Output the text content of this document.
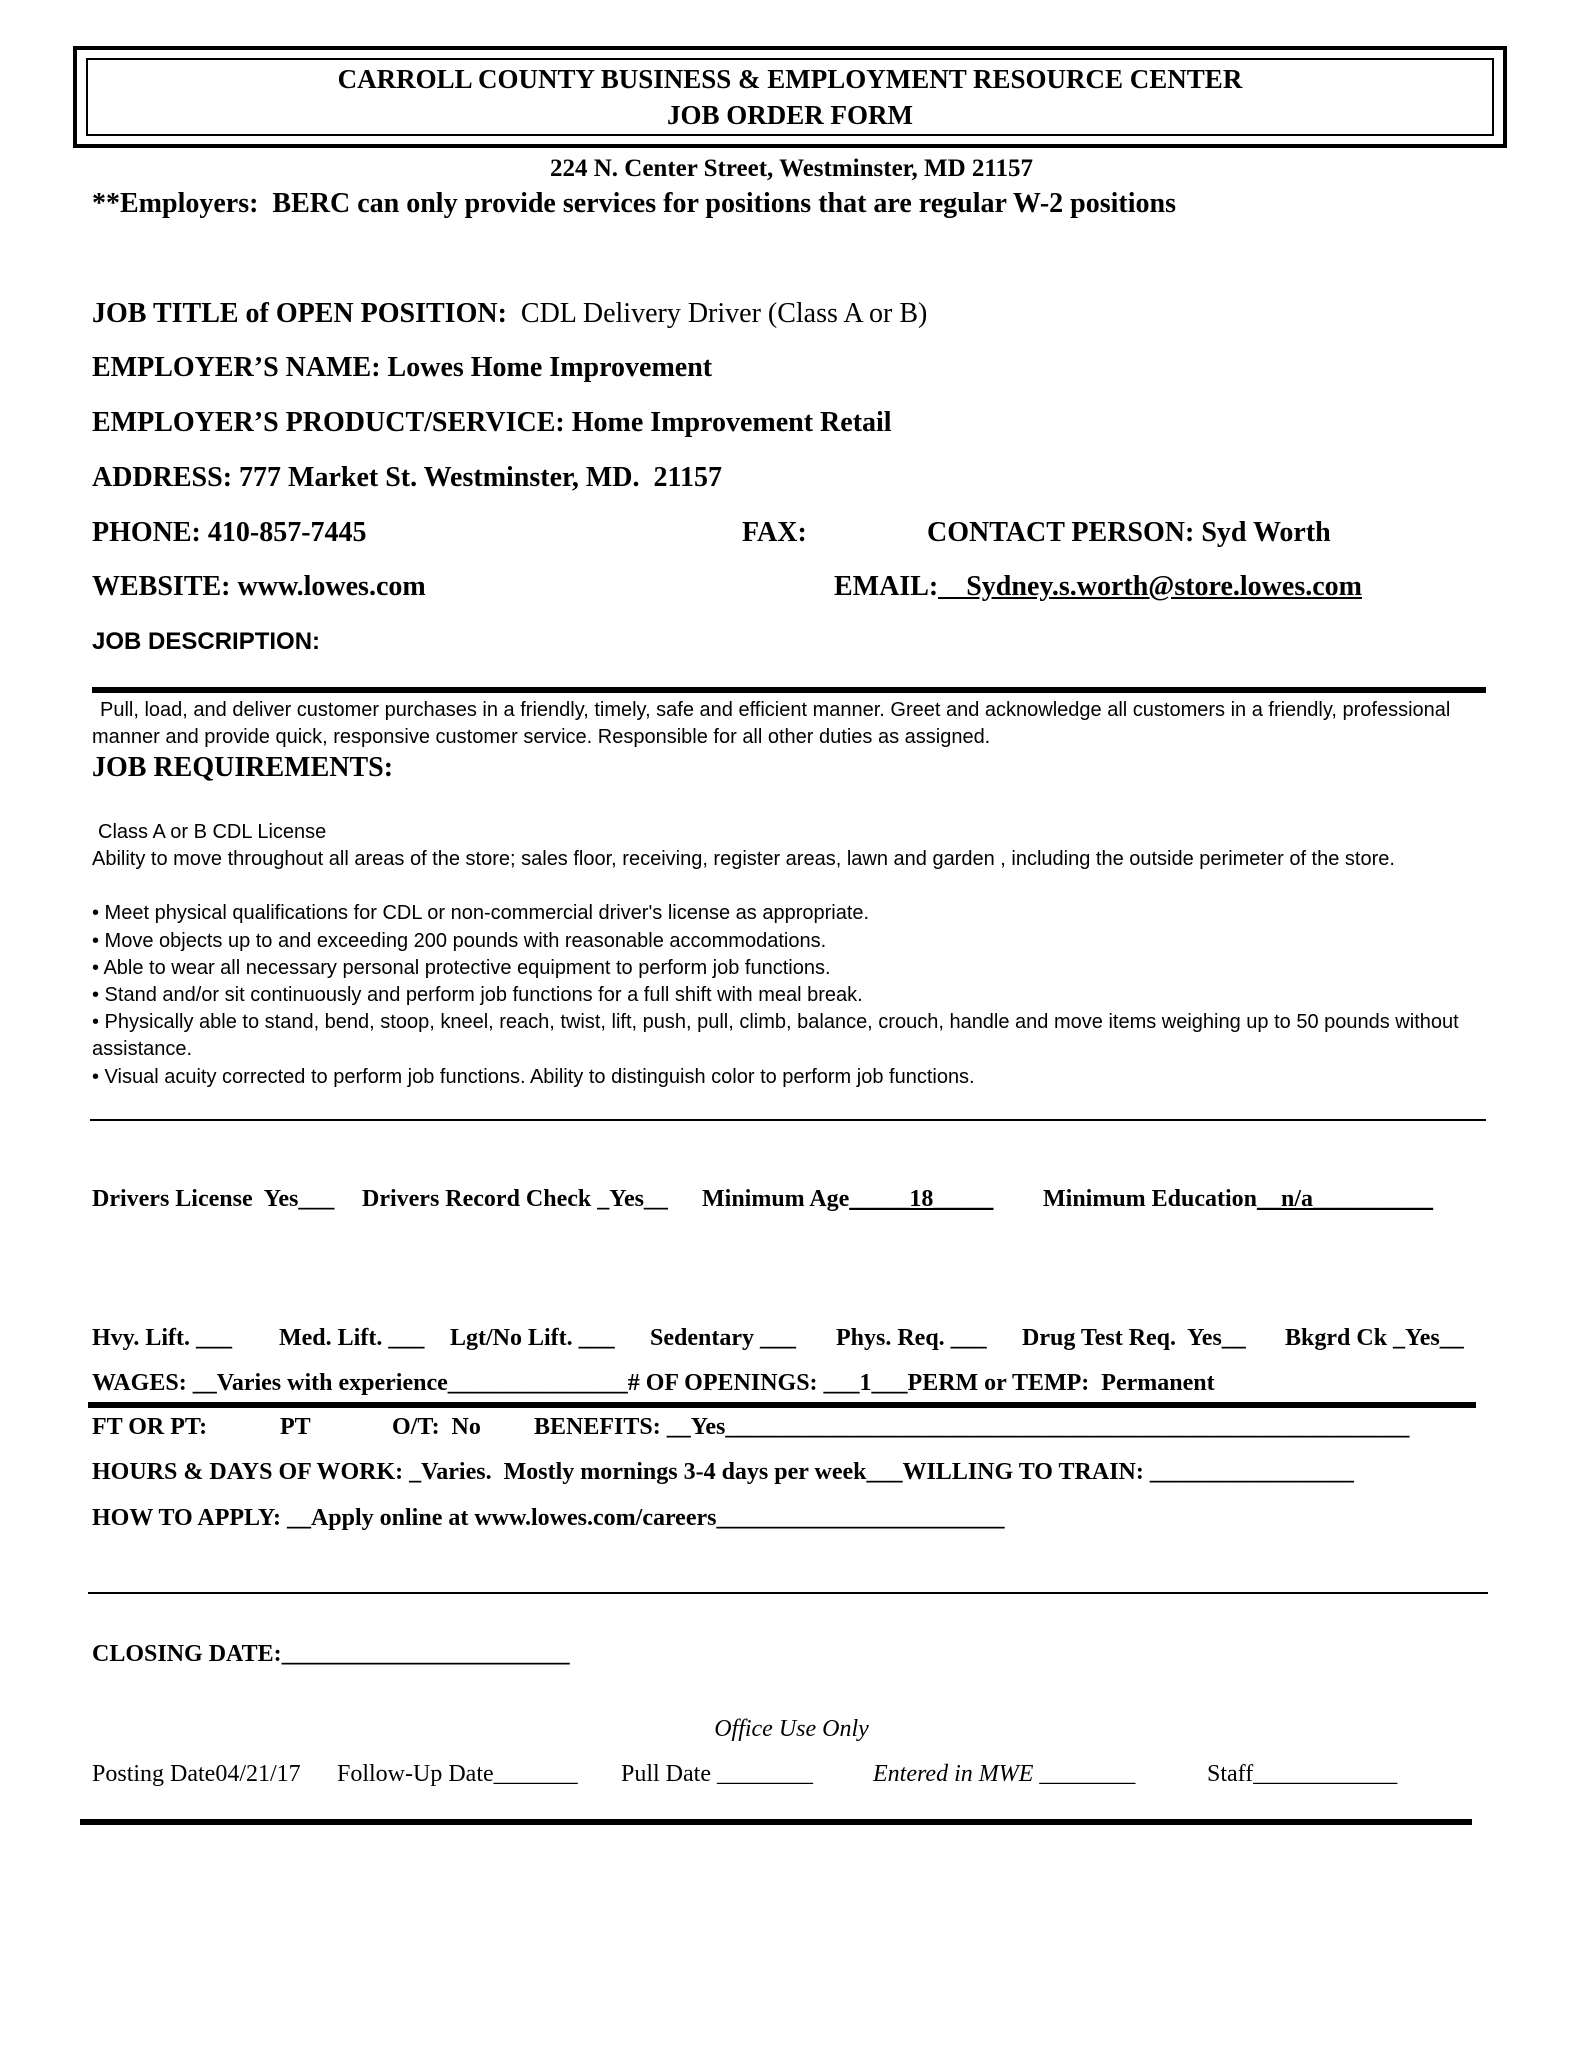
CARROLL COUNTY BUSINESS & EMPLOYMENT RESOURCE CENTER
JOB ORDER FORM
224 N. Center Street, Westminster, MD 21157
**Employers:  BERC can only provide services for positions that are regular W-2 positions
JOB TITLE of OPEN POSITION: CDL Delivery Driver (Class A or B)
EMPLOYER’S NAME: Lowes Home Improvement
EMPLOYER’S PRODUCT/SERVICE: Home Improvement Retail
ADDRESS: 777 Market St. Westminster, MD.  21157
PHONE: 410-857-7445	FAX:	CONTACT PERSON: Syd Worth
WEBSITE: www.lowes.com	EMAIL:__Sydney.s.worth@store.lowes.com
JOB DESCRIPTION:
Pull, load, and deliver customer purchases in a friendly, timely, safe and efficient manner. Greet and acknowledge all customers in a friendly, professional manner and provide quick, responsive customer service. Responsible for all other duties as assigned.
JOB REQUIREMENTS:
Class A or B CDL License
Ability to move throughout all areas of the store; sales floor, receiving, register areas, lawn and garden , including the outside perimeter of the store.
• Meet physical qualifications for CDL or non-commercial driver's license as appropriate.
• Move objects up to and exceeding 200 pounds with reasonable accommodations.
• Able to wear all necessary personal protective equipment to perform job functions.
• Stand and/or sit continuously and perform job functions for a full shift with meal break.
• Physically able to stand, bend, stoop, kneel, reach, twist, lift, push, pull, climb, balance, crouch, handle and move items weighing up to 50 pounds without assistance.
• Visual acuity corrected to perform job functions. Ability to distinguish color to perform job functions.
Drivers License  Yes___ Drivers Record Check _Yes__ Minimum Age_____18_____ Minimum Education__n/a__________
Hvy. Lift. ___ Med. Lift. ___ Lgt/No Lift. ___ Sedentary ___ Phys. Req. ___ Drug Test Req.  Yes__ Bkgrd Ck _Yes__
WAGES: __Varies with experience_______________# OF OPENINGS: ___1___PERM or TEMP:  Permanent
FT OR PT:	PT	O/T:  No BENEFITS: __Yes_________________________________________________________
HOURS & DAYS OF WORK: _Varies.  Mostly mornings 3-4 days per week___WILLING TO TRAIN: _________________
HOW TO APPLY: __Apply online at www.lowes.com/careers________________________
CLOSING DATE:________________________
Office Use Only
Posting Date04/21/17 Follow-Up Date_______ Pull Date ________	Entered in MWE ________	Staff____________
